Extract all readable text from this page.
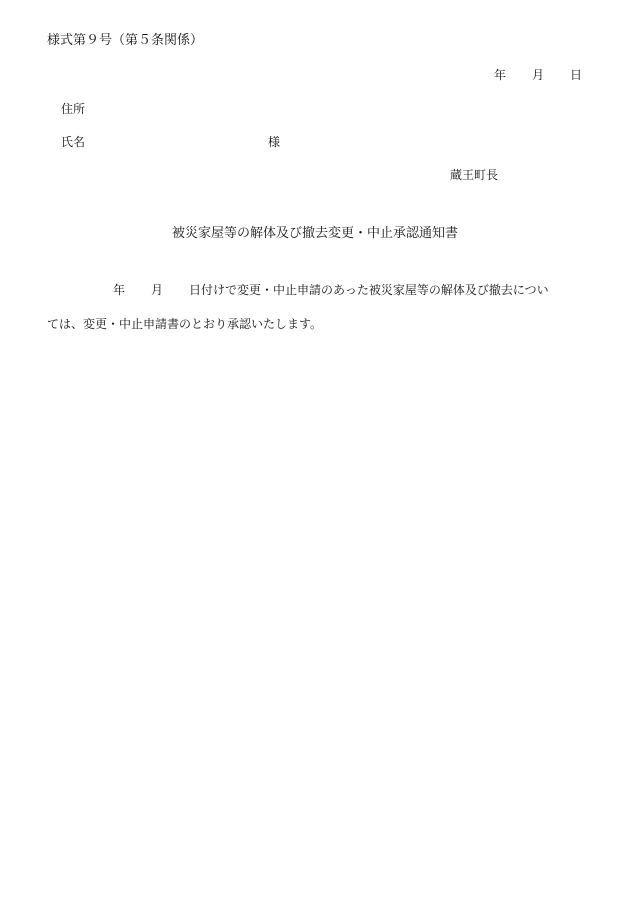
様式第９号（第５条関係）
年 月 日
住所
氏名	様
蔵王町長
被災家屋等の解体及び撤去変更・中止承認通知書
年 月 日付けで変更・中止申請のあった被災家屋等の解体及び撤去につい
ては、変更・中止申請書のとおり承認いたします。
